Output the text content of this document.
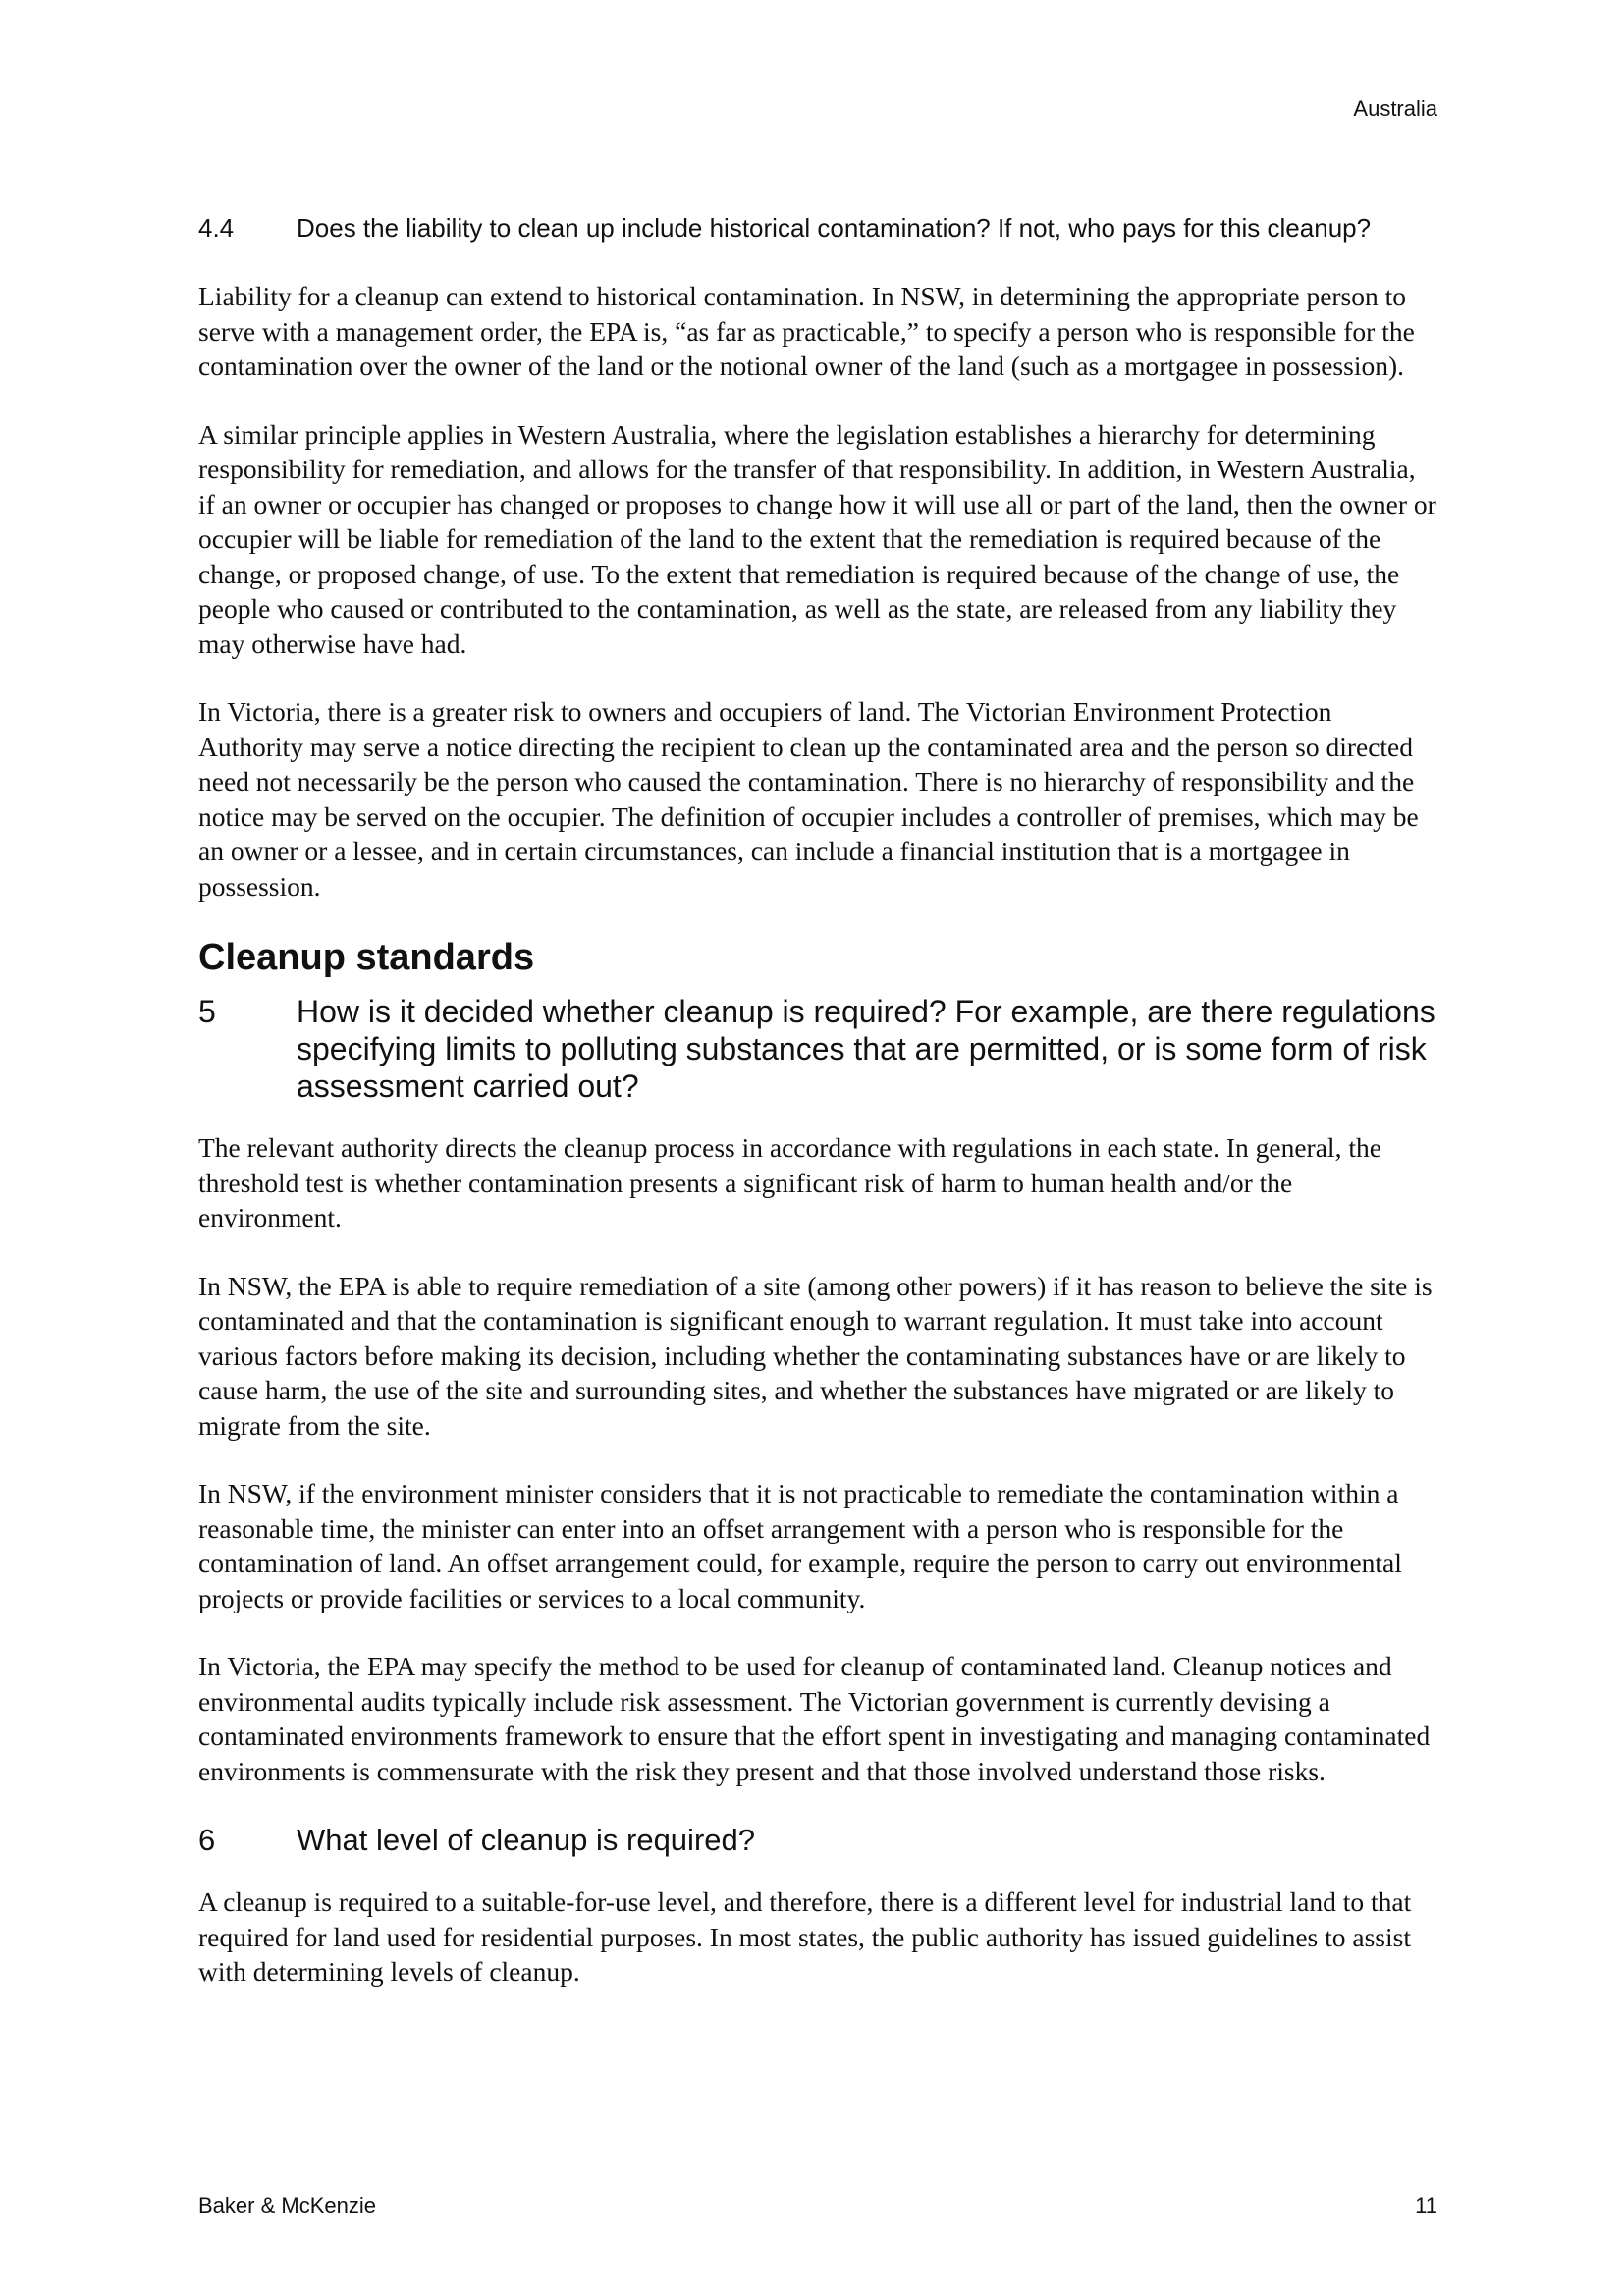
Australia
4.4	Does the liability to clean up include historical contamination? If not, who pays for this cleanup?

Liability for a cleanup can extend to historical contamination. In NSW, in determining the appropriate person to serve with a management order, the EPA is, “as far as practicable,” to specify a person who is responsible for the contamination over the owner of the land or the notional owner of the land (such as a mortgagee in possession).

A similar principle applies in Western Australia, where the legislation establishes a hierarchy for determining responsibility for remediation, and allows for the transfer of that responsibility. In addition, in Western Australia, if an owner or occupier has changed or proposes to change how it will use all or part of the land, then the owner or occupier will be liable for remediation of the land to the extent that the remediation is required because of the change, or proposed change, of use. To the extent that remediation is required because of the change of use, the people who caused or contributed to the contamination, as well as the state, are released from any liability they may otherwise have had.

In Victoria, there is a greater risk to owners and occupiers of land. The Victorian Environment Protection Authority may serve a notice directing the recipient to clean up the contaminated area and the person so directed need not necessarily be the person who caused the contamination. There is no hierarchy of responsibility and the notice may be served on the occupier. The definition of occupier includes a controller of premises, which may be an owner or a lessee, and in certain circumstances, can include a financial institution that is a mortgagee in possession.

Cleanup standards
5	How is it decided whether cleanup is required? For example, are there regulations specifying limits to polluting substances that are permitted, or is some form of risk assessment carried out?

The relevant authority directs the cleanup process in accordance with regulations in each state. In general, the threshold test is whether contamination presents a significant risk of harm to human health and/or the environment.

In NSW, the EPA is able to require remediation of a site (among other powers) if it has reason to believe the site is contaminated and that the contamination is significant enough to warrant regulation. It must take into account various factors before making its decision, including whether the contaminating substances have or are likely to cause harm, the use of the site and surrounding sites, and whether the substances have migrated or are likely to migrate from the site.

In NSW, if the environment minister considers that it is not practicable to remediate the contamination within a reasonable time, the minister can enter into an offset arrangement with a person who is responsible for the contamination of land. An offset arrangement could, for example, require the person to carry out environmental projects or provide facilities or services to a local community.

In Victoria, the EPA may specify the method to be used for cleanup of contaminated land. Cleanup notices and environmental audits typically include risk assessment. The Victorian government is currently devising a contaminated environments framework to ensure that the effort spent in investigating and managing contaminated environments is commensurate with the risk they present and that those involved understand those risks.

6	What level of cleanup is required?

A cleanup is required to a suitable-for-use level, and therefore, there is a different level for industrial land to that required for land used for residential purposes. In most states, the public authority has issued guidelines to assist with determining levels of cleanup.

Baker & McKenzie	11
